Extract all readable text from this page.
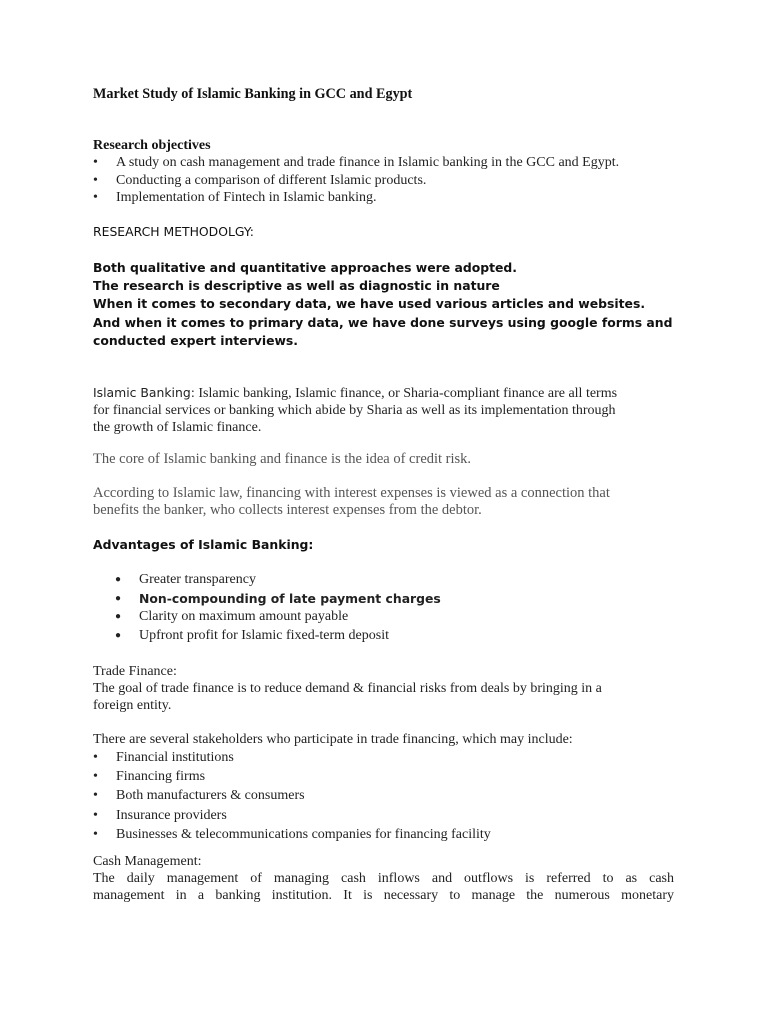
Market Study of Islamic Banking in GCC and Egypt
Research objectives
• A study on cash management and trade finance in Islamic banking in the GCC and Egypt.
• Conducting a comparison of different Islamic products.
• Implementation of Fintech in Islamic banking.
RESEARCH METHODOLGY:
Both qualitative and quantitative approaches were adopted.
The research is descriptive as well as diagnostic in nature
When it comes to secondary data, we have used various articles and websites.
And when it comes to primary data, we have done surveys using google forms and
conducted expert interviews.
Islamic Banking: Islamic banking, Islamic finance, or Sharia-compliant finance are all terms
for financial services or banking which abide by Sharia as well as its implementation through
the growth of Islamic finance.
The core of Islamic banking and finance is the idea of credit risk.
According to Islamic law, financing with interest expenses is viewed as a connection that
benefits the banker, who collects interest expenses from the debtor.
Advantages of Islamic Banking:
● Greater transparency
● Non-compounding of late payment charges
● Clarity on maximum amount payable
● Upfront profit for Islamic fixed-term deposit
Trade Finance:
The goal of trade finance is to reduce demand & financial risks from deals by bringing in a
foreign entity.
There are several stakeholders who participate in trade financing, which may include:
• Financial institutions
• Financing firms
• Both manufacturers & consumers
• Insurance providers
• Businesses & telecommunications companies for financing facility
Cash Management:
The daily management of managing cash inflows and outflows is referred to as cash
management in a banking institution. It is necessary to manage the numerous monetary
